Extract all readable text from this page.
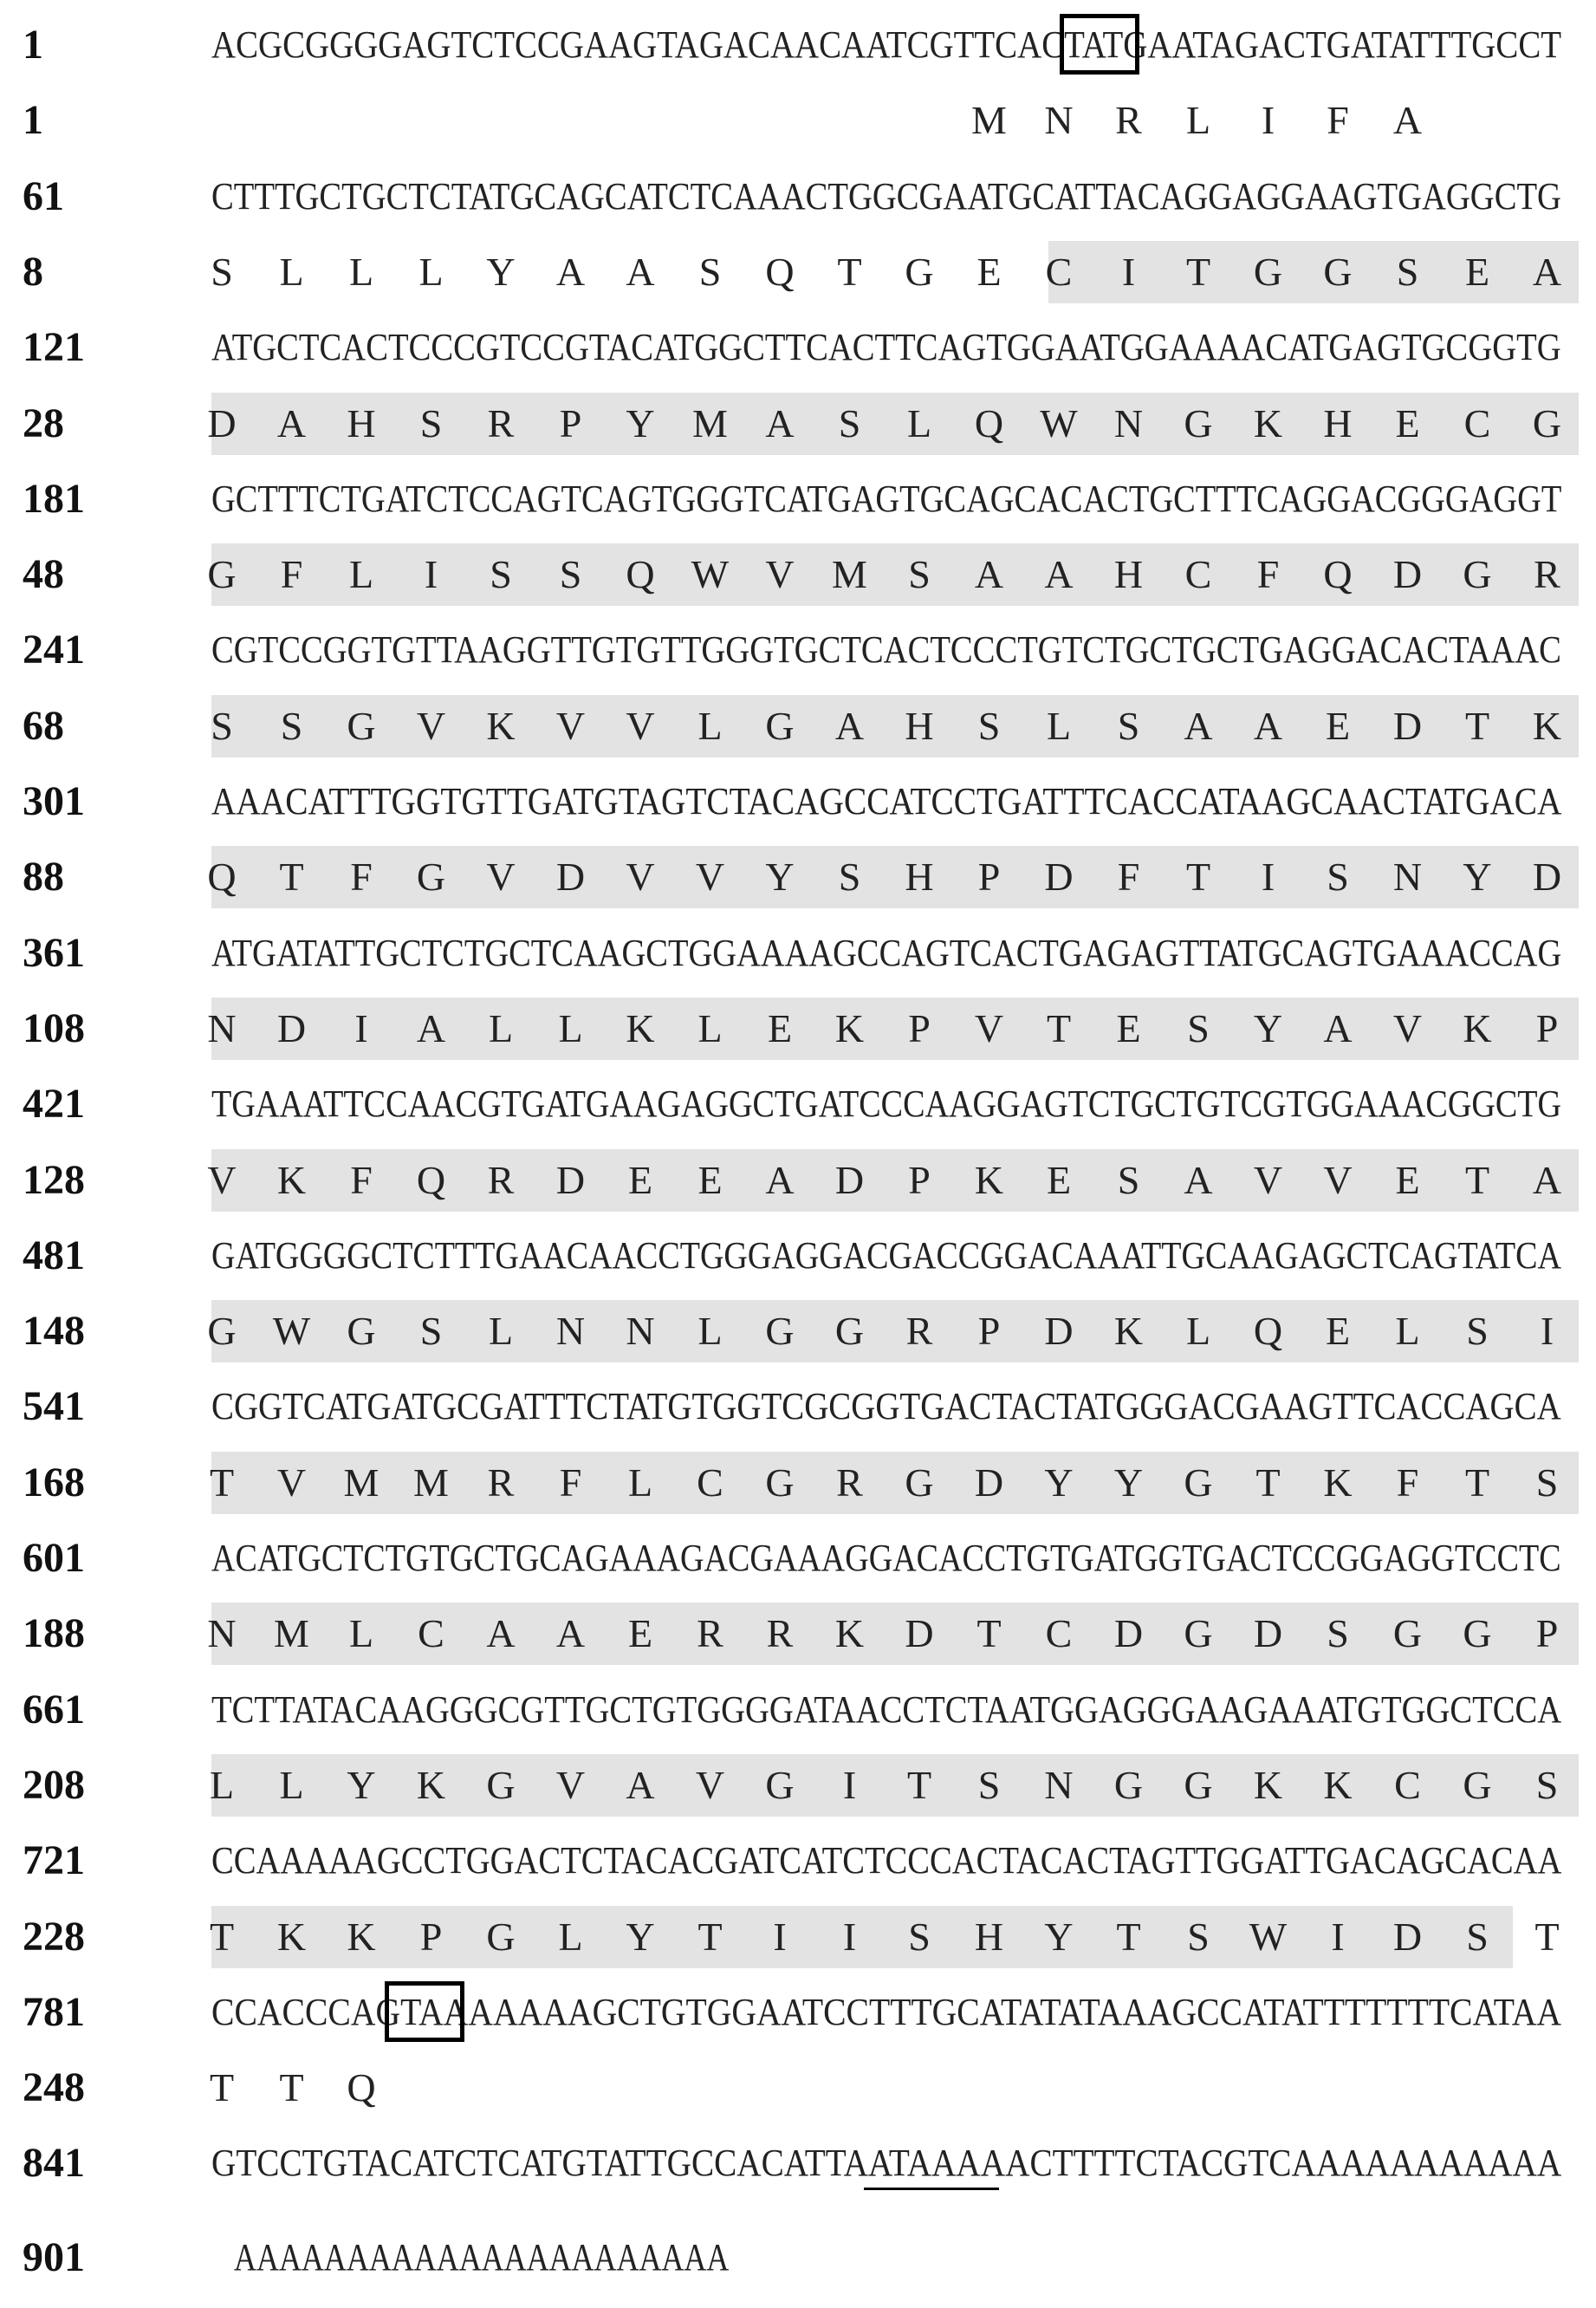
1	ACGCGGGGAGTCTCCGAAGTAGACAACAATCGTTCACTATGAATAGACTGATATTTGCCT
1	M N R L I F A
61	CTTTGCTGCTCTATGCAGCATCTCAAACTGGCGAATGCATTACAGGAGGAAGTGAGGCTG
8	S L L L Y A A S Q T G E C I T G G S E A
121	ATGCTCACTCCCGTCCGTACATGGCTTCACTTCAGTGGAATGGAAAACATGAGTGCGGTG
28	D A H S R P Y M A S L Q W N G K H E C G
181	GCTTTCTGATCTCCAGTCAGTGGGTCATGAGTGCAGCACACTGCTTTCAGGACGGGAGGT
48	G F L I S S Q W V M S A A H C F Q D G R
241	CGTCCGGTGTTAAGGTTGTGTTGGGTGCTCACTCCCTGTCTGCTGCTGAGGACACTAAAC
68	S S G V K V V L G A H S L S A A E D T K
301	AAACATTTGGTGTTGATGTAGTCTACAGCCATCCTGATTTCACCATAAGCAACTATGACA
88	Q T F G V D V V Y S H P D F T I S N Y D
361	ATGATATTGCTCTGCTCAAGCTGGAAAAGCCAGTCACTGAGAGTTATGCAGTGAAACCAG
108	N D I A L L K L E K P V T E S Y A V K P
421	TGAAATTCCAACGTGATGAAGAGGCTGATCCCAAGGAGTCTGCTGTCGTGGAAACGGCTG
128	V K F Q R D E E A D P K E S A V V E T A
481	GATGGGGCTCTTTGAACAACCTGGGAGGACGACCGGACAAATTGCAAGAGCTCAGTATCA
148	G W G S L N N L G G R P D K L Q E L S I
541	CGGTCATGATGCGATTTCTATGTGGTCGCGGTGACTACTATGGGACGAAGTTCACCAGCA
168	T V M M R F L C G R G D Y Y G T K F T S
601	ACATGCTCTGTGCTGCAGAAAGACGAAAGGACACCTGTGATGGTGACTCCGGAGGTCCTC
188	N M L C A A E R R K D T C D G D S G G P
661	TCTTATACAAGGGCGTTGCTGTGGGGATAACCTCTAATGGAGGGAAGAAATGTGGCTCCA
208	L L Y K G V A V G I T S N G G K K C G S
721	CCAAAAAGCCTGGACTCTACACGATCATCTCCCACTACACTAGTTGGATTGACAGCACAA
228	T K K P G L Y T I I S H Y T S W I D S T
781	CCACCCAGTAAAAAAAGCTGTGGAATCCTTTGCATATATAAAGCCATATTTTTTTCATAA
248	T T Q
841	GTCCTGTACATCTCATGTATTGCCACATTAATAAAAACTTTTCTACGTCAAAAAAAAAAA
901	AAAAAAAAAAAAAAAAAAAAAA
